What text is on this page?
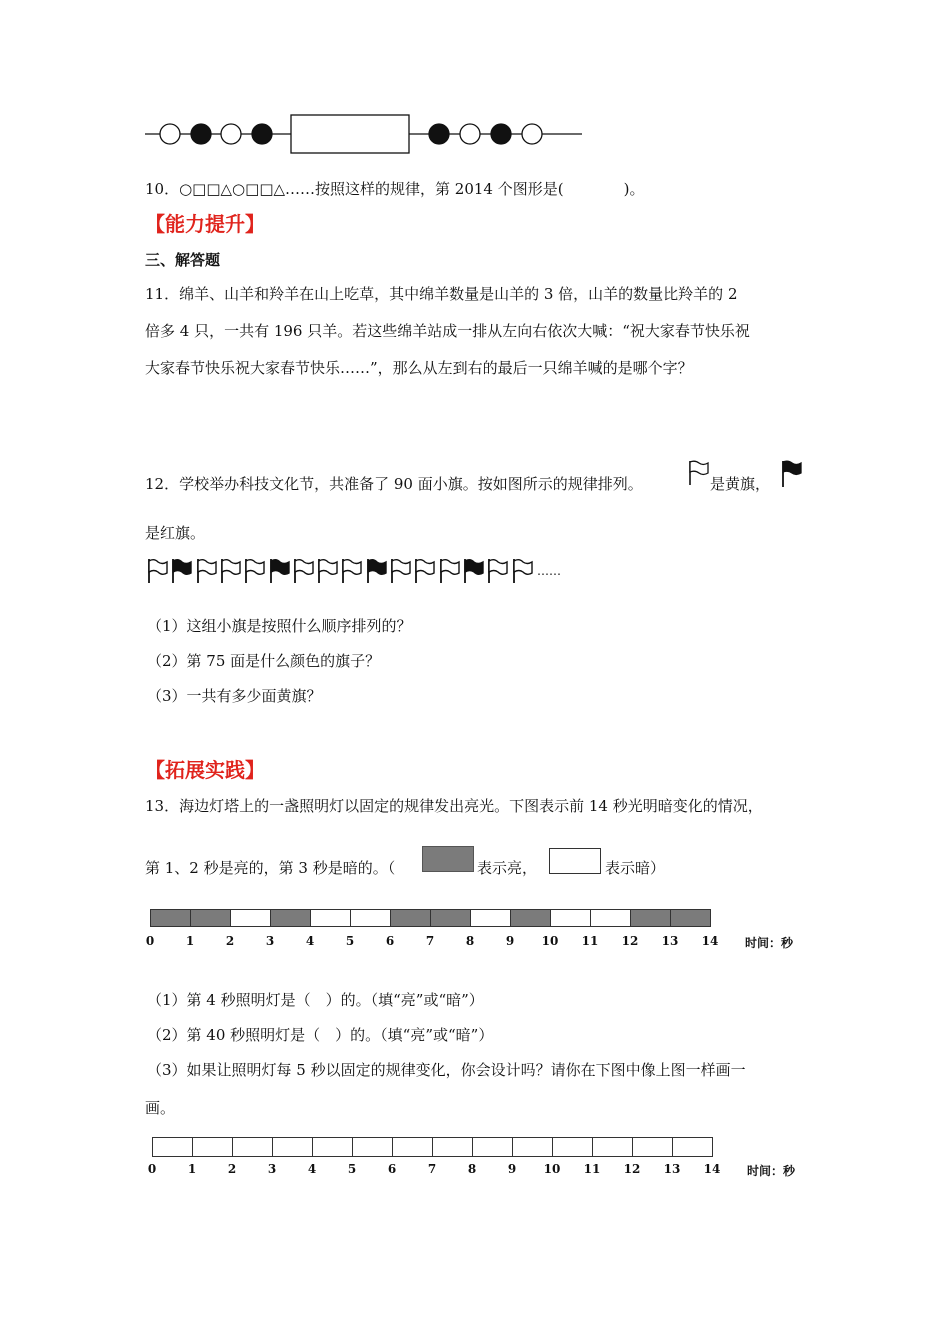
10．○□□△○□□△……按照这样的规律，第 2014 个图形是(　　　　)。
【能力提升】
三、解答题
11．绵羊、山羊和羚羊在山上吃草，其中绵羊数量是山羊的 3 倍，山羊的数量比羚羊的 2
倍多 4 只，一共有 196 只羊。若这些绵羊站成一排从左向右依次大喊：“祝大家春节快乐祝
大家春节快乐祝大家春节快乐……”，那么从左到右的最后一只绵羊喊的是哪个字？
12．学校举办科技文化节，共准备了 90 面小旗。按如图所示的规律排列。	是黄旗，
是红旗。
……
（1）这组小旗是按照什么顺序排列的？
（2）第 75 面是什么颜色的旗子？
（3）一共有多少面黄旗？
【拓展实践】
13．海边灯塔上的一盏照明灯以固定的规律发出亮光。下图表示前 14 秒光明暗变化的情况，
第 1、2 秒是亮的，第 3 秒是暗的。（	表示亮，	表示暗）
0	1	2	3	4	5	6	7	8	9	10 11 12 13 14 时间：秒
（1）第 4 秒照明灯是（　）的。（填“亮”或“暗”）
（2）第 40 秒照明灯是（　）的。（填“亮”或“暗”）
（3）如果让照明灯每 5 秒以固定的规律变化，你会设计吗？请你在下图中像上图一样画一
画。
0	1	2	3	4	5	6	7	8	9	10 11 12 13 14 时间：秒
